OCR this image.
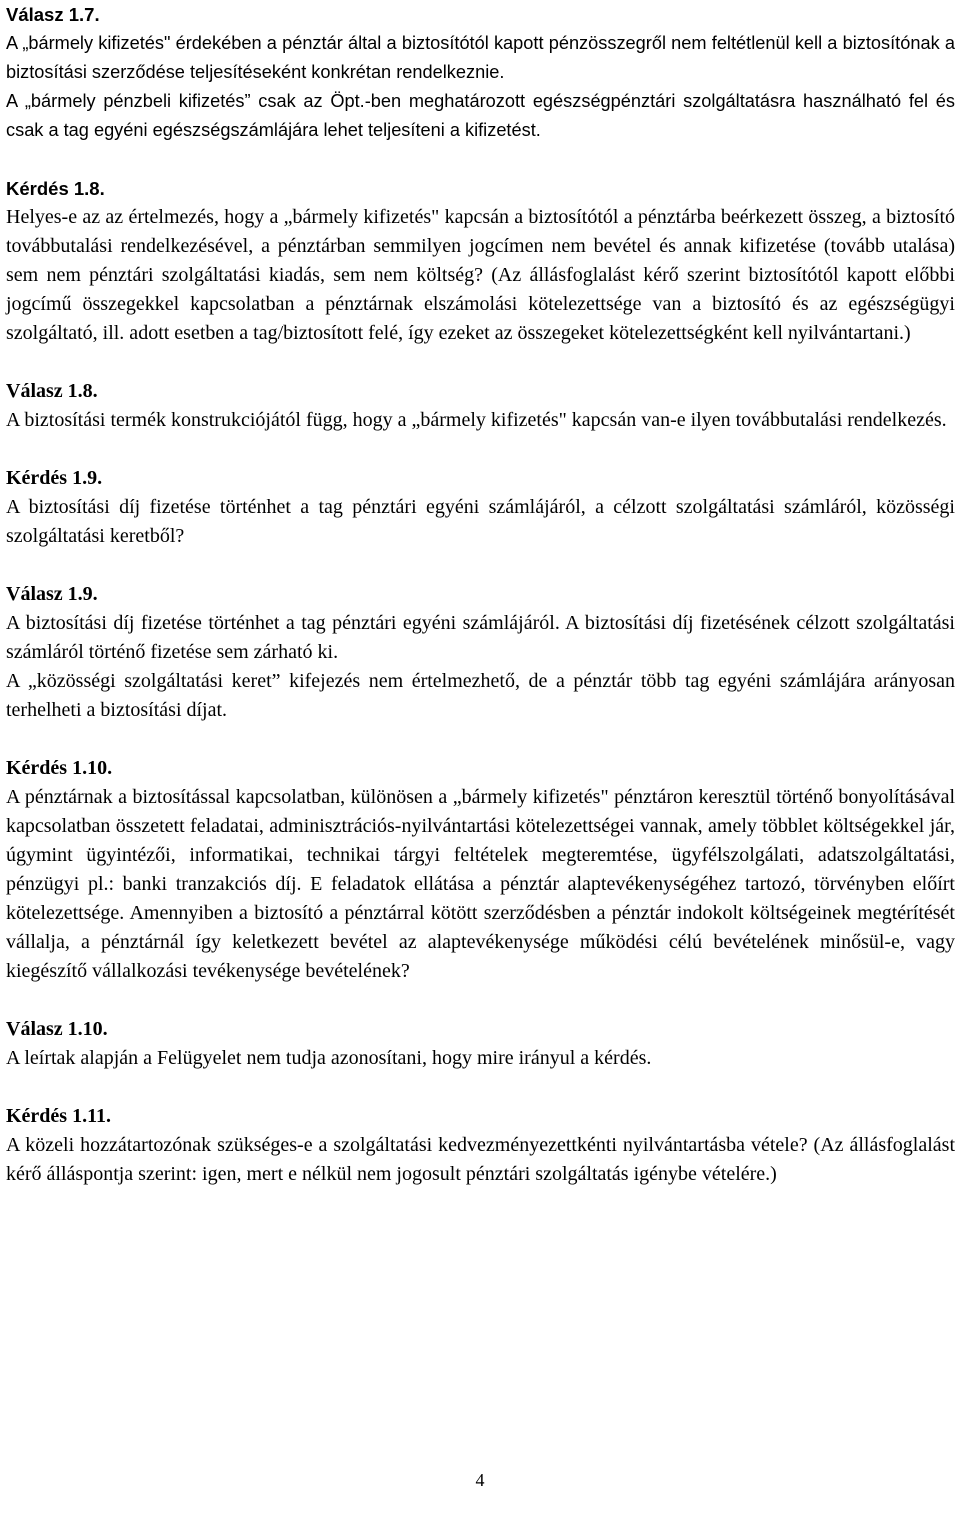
Válasz 1.7.

A „bármely kifizetés" érdekében a pénztár által a biztosítótól kapott pénzösszegről nem feltétlenül kell a biztosítónak a biztosítási szerződése teljesítéseként konkrétan rendelkeznie.

A „bármely pénzbeli kifizetés” csak az Öpt.-ben meghatározott egészségpénztári szolgáltatásra használható fel és csak a tag egyéni egészségszámlájára lehet teljesíteni a kifizetést.

Kérdés 1.8.

Helyes-e az az értelmezés, hogy a „bármely kifizetés" kapcsán a biztosítótól a pénztárba beérkezett összeg, a biztosító továbbutalási rendelkezésével, a pénztárban semmilyen jogcímen nem bevétel és annak kifizetése (tovább utalása) sem nem pénztári szolgáltatási kiadás, sem nem költség? (Az állásfoglalást kérő szerint biztosítótól kapott előbbi jogcímű összegekkel kapcsolatban a pénztárnak elszámolási kötelezettsége van a biztosító és az egészségügyi szolgáltató, ill. adott esetben a tag/biztosított felé, így ezeket az összegeket kötelezettségként kell nyilvántartani.)

Válasz 1.8.

A biztosítási termék konstrukciójától függ, hogy a „bármely kifizetés" kapcsán van-e ilyen továbbutalási rendelkezés.

Kérdés 1.9.

A biztosítási díj fizetése történhet a tag pénztári egyéni számlájáról, a célzott szolgáltatási számláról, közösségi szolgáltatási keretből?

Válasz 1.9.

A biztosítási díj fizetése történhet a tag pénztári egyéni számlájáról. A biztosítási díj fizetésének célzott szolgáltatási számláról történő fizetése sem zárható ki.

A „közösségi szolgáltatási keret” kifejezés nem értelmezhető, de a pénztár több tag egyéni számlájára arányosan terhelheti a biztosítási díjat.

Kérdés 1.10.

A pénztárnak a biztosítással kapcsolatban, különösen a „bármely kifizetés" pénztáron keresztül történő bonyolításával kapcsolatban összetett feladatai, adminisztrációs-nyilvántartási kötelezettségei vannak, amely többlet költségekkel jár, úgymint ügyintézői, informatikai, technikai tárgyi feltételek megteremtése, ügyfélszolgálati, adatszolgáltatási, pénzügyi pl.: banki tranzakciós díj. E feladatok ellátása a pénztár alaptevékenységéhez tartozó, törvényben előírt kötelezettsége. Amennyiben a biztosító a pénztárral kötött szerződésben a pénztár indokolt költségeinek megtérítését vállalja, a pénztárnál így keletkezett bevétel az alaptevékenysége működési célú bevételének minősül-e, vagy kiegészítő vállalkozási tevékenysége bevételének?

Válasz 1.10.

A leírtak alapján a Felügyelet nem tudja azonosítani, hogy mire irányul a kérdés.

Kérdés 1.11.

A közeli hozzátartozónak szükséges-e a szolgáltatási kedvezményezettkénti nyilvántartásba vétele? (Az állásfoglalást kérő álláspontja szerint: igen, mert e nélkül nem jogosult pénztári szolgáltatás igénybe vételére.)

4
